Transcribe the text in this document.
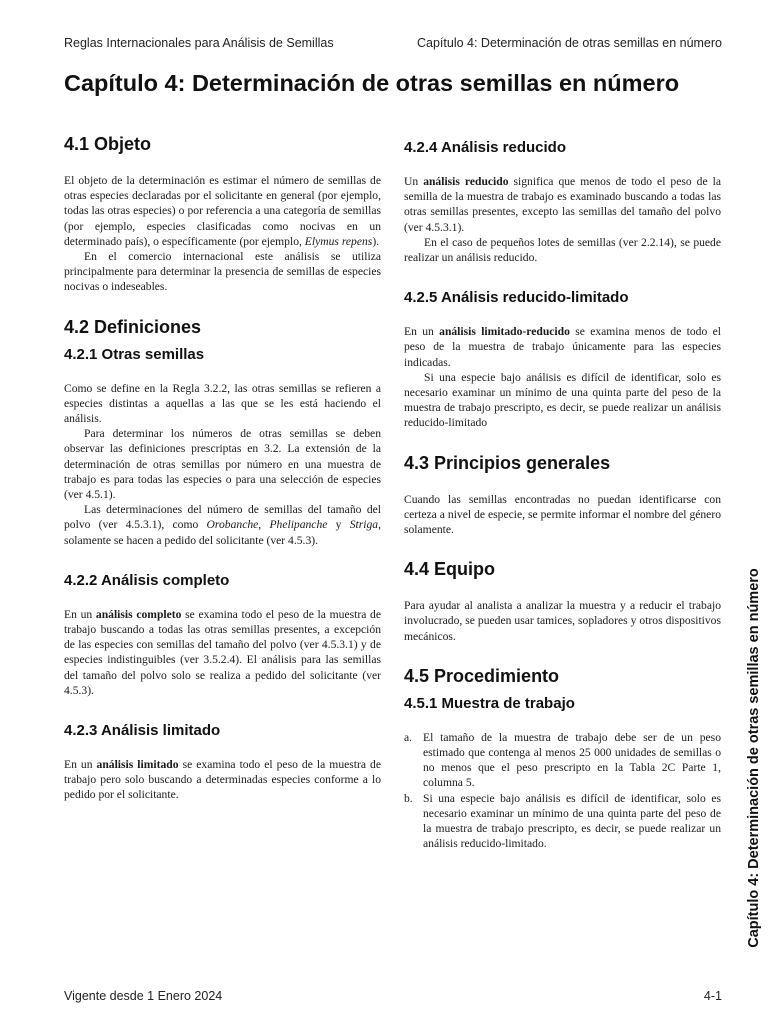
Reglas Internacionales para Análisis de Semillas	Capítulo 4: Determinación de otras semillas en número
Capítulo 4: Determinación de otras semillas en número
4.1 Objeto

El objeto de la determinación es estimar el número de semillas de otras especies declaradas por el solicitante en general (por ejemplo, todas las otras especies) o por referencia a una categoría de semillas (por ejemplo, especies clasificadas como nocivas en un determinado país), o específicamente (por ejemplo, Elymus repens).

En el comercio internacional este análisis se utiliza principalmente para determinar la presencia de semillas de especies nocivas o indeseables.

4.2 Definiciones
4.2.1 Otras semillas

Como se define en la Regla 3.2.2, las otras semillas se refieren a especies distintas a aquellas a las que se les está haciendo el análisis.

Para determinar los números de otras semillas se deben observar las definiciones prescriptas en 3.2. La extensión de la determinación de otras semillas por número en una muestra de trabajo es para todas las especies o para una selección de especies (ver 4.5.1).

Las determinaciones del número de semillas del tamaño del polvo (ver 4.5.3.1), como Orobanche, Phelipanche y Striga, solamente se hacen a pedido del solicitante (ver 4.5.3).

4.2.2 Análisis completo

En un análisis completo se examina todo el peso de la muestra de trabajo buscando a todas las otras semillas presentes, a excepción de las especies con semillas del tamaño del polvo (ver 4.5.3.1) y de especies indistinguibles (ver 3.5.2.4). El análisis para las semillas del tamaño del polvo solo se realiza a pedido del solicitante (ver 4.5.3).

4.2.3 Análisis limitado

En un análisis limitado se examina todo el peso de la muestra de trabajo pero solo buscando a determinadas especies conforme a lo pedido por el solicitante.

4.2.4 Análisis reducido

Un análisis reducido significa que menos de todo el peso de la semilla de la muestra de trabajo es examinado buscando a todas las otras semillas presentes, excepto las semillas del tamaño del polvo (ver 4.5.3.1).

En el caso de pequeños lotes de semillas (ver 2.2.14), se puede realizar un análisis reducido.

4.2.5 Análisis reducido-limitado

En un análisis limitado-reducido se examina menos de todo el peso de la muestra de trabajo únicamente para las especies indicadas.

Si una especie bajo análisis es difícil de identificar, solo es necesario examinar un mínimo de una quinta parte del peso de la muestra de trabajo prescripto, es decir, se puede realizar un análisis reducido-limitado

4.3 Principios generales

Cuando las semillas encontradas no puedan identificarse con certeza a nivel de especie, se permite informar el nombre del género solamente.

4.4 Equipo

Para ayudar al analista a analizar la muestra y a reducir el trabajo involucrado, se pueden usar tamices, sopladores y otros dispositivos mecánicos.

4.5 Procedimiento
4.5.1 Muestra de trabajo
a. El tamaño de la muestra de trabajo debe ser de un peso estimado que contenga al menos 25 000 unidades de semillas o no menos que el peso prescripto en la Tabla 2C Parte 1, columna 5.
b. Si una especie bajo análisis es difícil de identificar, solo es necesario examinar un mínimo de una quinta parte del peso de la muestra de trabajo prescripto, es decir, se puede realizar un análisis reducido-limitado.	Capítulo 4: Determinación de otras semillas en número
Vigente desde 1 Enero 2024	4-1
